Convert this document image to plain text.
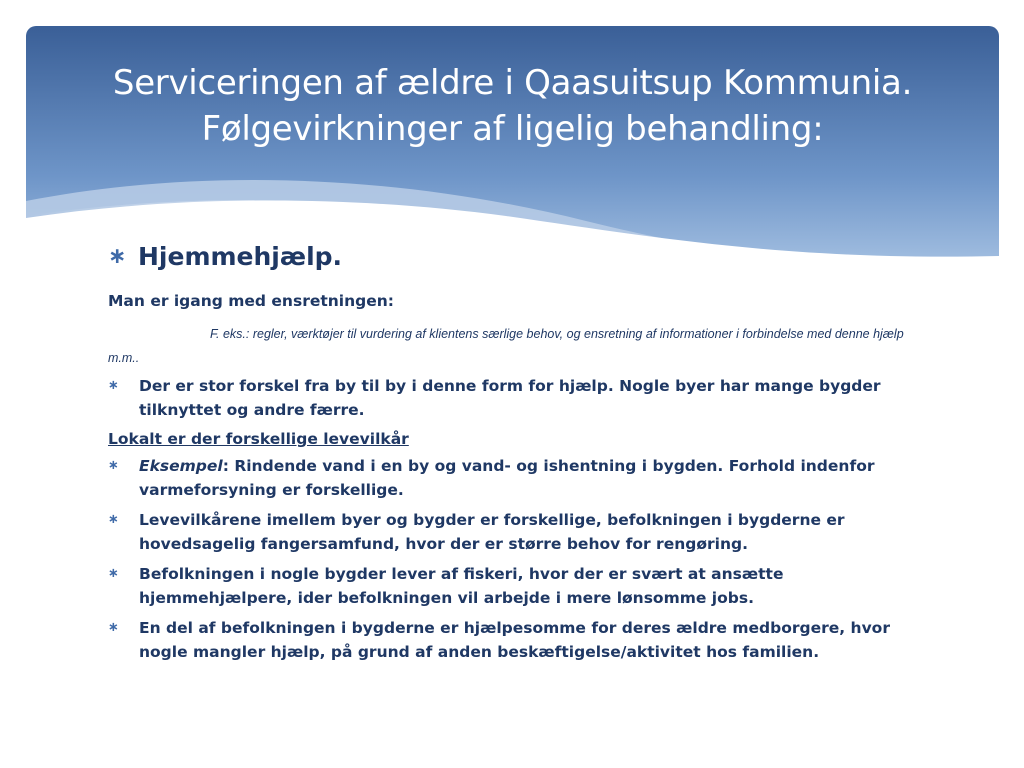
Serviceringen af ældre i Qaasuitsup Kommunia.
Følgevirkninger af ligelig behandling:
∗ Hjemmehjælp.

Man er igang med ensretningen:

F. eks.: regler, værktøjer til vurdering af klientens særlige behov, og ensretning af informationer i forbindelse med denne hjælp m.m..

∗ Der er stor forskel fra by til by i denne form for hjælp. Nogle byer har mange bygder tilknyttet og andre færre.

Lokalt er der forskellige levevilkår

∗ Eksempel: Rindende vand i en by og vand- og ishentning i bygden. Forhold indenfor varmeforsyning er forskellige.
∗ Levevilkårene imellem byer og bygder er forskellige, befolkningen i bygderne er hovedsagelig fangersamfund, hvor der er større behov for rengøring.
∗ Befolkningen i nogle bygder lever af fiskeri, hvor der er svært at ansætte hjemmehjælpere, ider befolkningen vil arbejde i mere lønsomme jobs.
∗ En del af befolkningen i bygderne er hjælpesomme for deres ældre medborgere, hvor nogle mangler hjælp, på grund af anden beskæftigelse/aktivitet hos familien.
